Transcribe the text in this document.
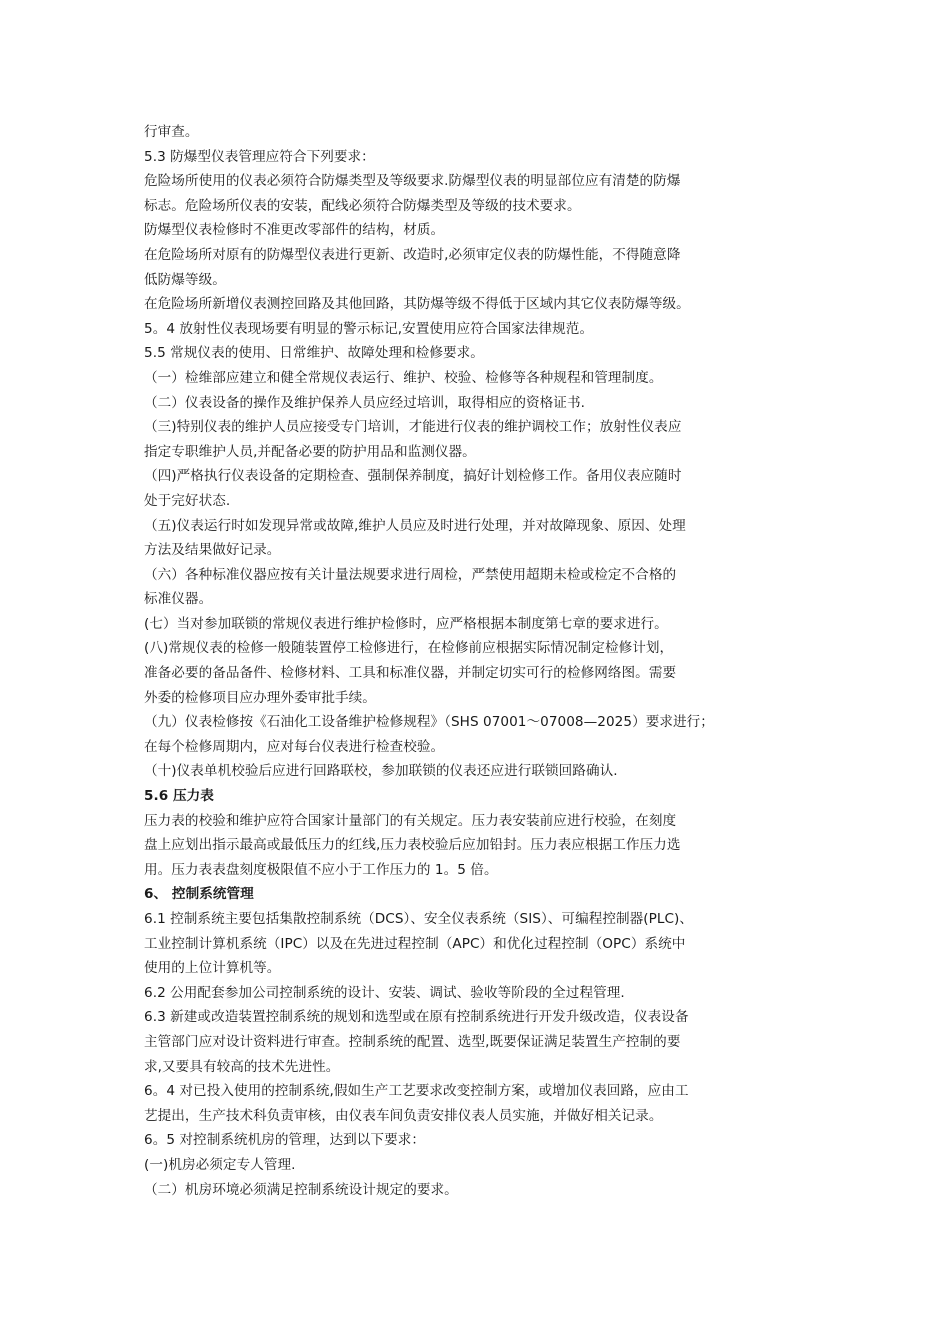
行审查。
5.3 防爆型仪表管理应符合下列要求：
危险场所使用的仪表必须符合防爆类型及等级要求.防爆型仪表的明显部位应有清楚的防爆
标志。危险场所仪表的安装，配线必须符合防爆类型及等级的技术要求。
防爆型仪表检修时不准更改零部件的结构，材质。
在危险场所对原有的防爆型仪表进行更新、改造时,必须审定仪表的防爆性能，不得随意降
低防爆等级。
在危险场所新增仪表测控回路及其他回路，其防爆等级不得低于区域内其它仪表防爆等级。
5。4 放射性仪表现场要有明显的警示标记,安置使用应符合国家法律规范。
5.5 常规仪表的使用、日常维护、故障处理和检修要求。
（一）检维部应建立和健全常规仪表运行、维护、校验、检修等各种规程和管理制度。
（二）仪表设备的操作及维护保养人员应经过培训，取得相应的资格证书.
（三)特别仪表的维护人员应接受专门培训，才能进行仪表的维护调校工作；放射性仪表应
指定专职维护人员,并配备必要的防护用品和监测仪器。
（四)严格执行仪表设备的定期检查、强制保养制度，搞好计划检修工作。备用仪表应随时
处于完好状态.
（五)仪表运行时如发现异常或故障,维护人员应及时进行处理，并对故障现象、原因、处理
方法及结果做好记录。
（六）各种标准仪器应按有关计量法规要求进行周检，严禁使用超期未检或检定不合格的
标准仪器。
(七）当对参加联锁的常规仪表进行维护检修时，应严格根据本制度第七章的要求进行。
(八)常规仪表的检修一般随装置停工检修进行，在检修前应根据实际情况制定检修计划，
准备必要的备品备件、检修材料、工具和标准仪器，并制定切实可行的检修网络图。需要
外委的检修项目应办理外委审批手续。
（九）仪表检修按《石油化工设备维护检修规程》（SHS 07001～07008—2025）要求进行；
在每个检修周期内，应对每台仪表进行检查校验。
（十)仪表单机校验后应进行回路联校，参加联锁的仪表还应进行联锁回路确认.
5.6 压力表
压力表的校验和维护应符合国家计量部门的有关规定。压力表安装前应进行校验，在刻度
盘上应划出指示最高或最低压力的红线,压力表校验后应加铅封。压力表应根据工作压力选
用。压力表表盘刻度极限值不应小于工作压力的 1。5 倍。
6、 控制系统管理
6.1 控制系统主要包括集散控制系统（DCS）、安全仪表系统（SIS）、可编程控制器(PLC)、
工业控制计算机系统（IPC）以及在先进过程控制（APC）和优化过程控制（OPC）系统中
使用的上位计算机等。
6.2 公用配套参加公司控制系统的设计、安装、调试、验收等阶段的全过程管理.
6.3 新建或改造装置控制系统的规划和选型或在原有控制系统进行开发升级改造，仪表设备
主管部门应对设计资料进行审查。控制系统的配置、选型,既要保证满足装置生产控制的要
求,又要具有较高的技术先进性。
6。4 对已投入使用的控制系统,假如生产工艺要求改变控制方案，或增加仪表回路，应由工
艺提出，生产技术科负责审核，由仪表车间负责安排仪表人员实施，并做好相关记录。
6。5 对控制系统机房的管理，达到以下要求：
(一)机房必须定专人管理.
（二）机房环境必须满足控制系统设计规定的要求。
